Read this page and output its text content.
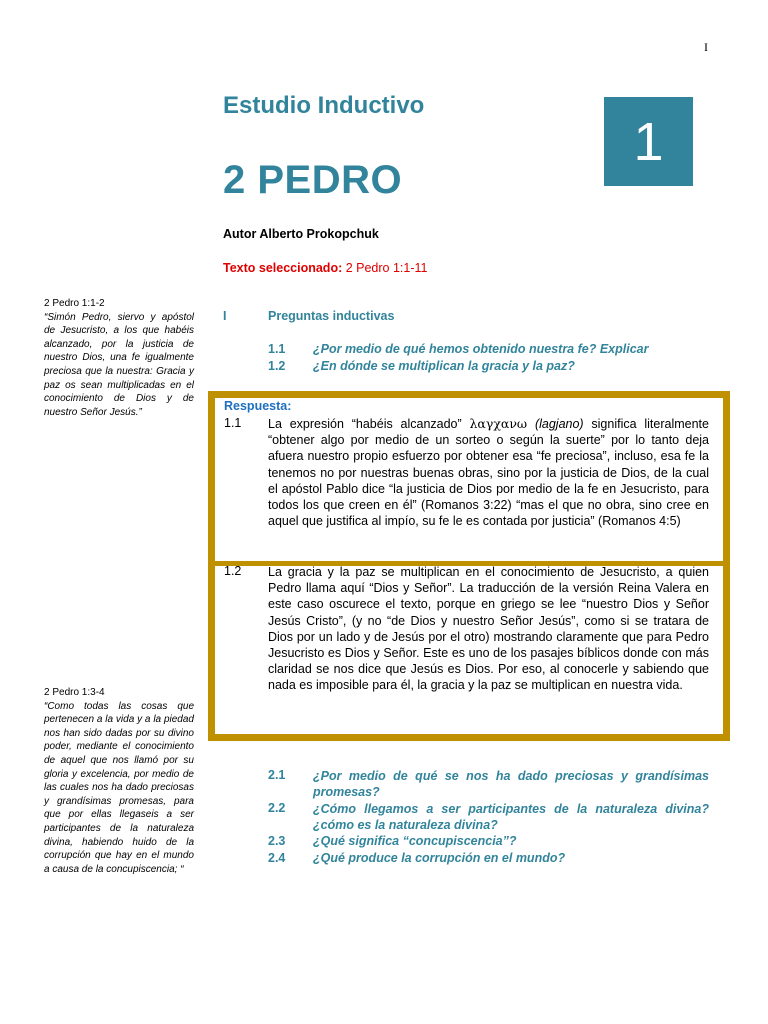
I
Estudio Inductivo
2 PEDRO
1
Autor Alberto Prokopchuk
Texto seleccionado: 2 Pedro 1:1-11
2 Pedro 1:1-2
“Simón Pedro, siervo y apóstol de Jesucristo, a los que habéis alcanzado, por la justicia de nuestro Dios, una fe igualmente preciosa que la nuestra: Gracia y paz os sean multiplicadas en el conocimiento de Dios y de nuestro Señor Jesús.”
2 Pedro 1:3-4
“Como todas las cosas que pertenecen a la vida y a la piedad nos han sido dadas por su divino poder, mediante el conocimiento de aquel que nos llamó por su gloria y excelencia, por medio de las cuales nos ha dado preciosas y grandísimas promesas, para que por ellas llegaseis a ser participantes de la naturaleza divina, habiendo huido de la corrupción que hay en el mundo a causa de la concupiscencia; “
I	Preguntas inductivas
1.1 ¿Por medio de qué hemos obtenido nuestra fe? Explicar
1.2 ¿En dónde se multiplican la gracia y la paz?
Respuesta:
1.1 La expresión “habéis alcanzado” λαγχανω (lagjano) significa literalmente “obtener algo por medio de un sorteo o según la suerte” por lo tanto deja afuera nuestro propio esfuerzo por obtener esa “fe preciosa”, incluso, esa fe la tenemos no por nuestras buenas obras, sino por la justicia de Dios, de la cual el apóstol Pablo dice “la justicia de Dios por medio de la fe en Jesucristo, para todos los que creen en él” (Romanos 3:22) “mas el que no obra, sino cree en aquel que justifica al impío, su fe le es contada por justicia” (Romanos 4:5)
1.2 La gracia y la paz se multiplican en el conocimiento de Jesucristo, a quien Pedro llama aquí “Dios y Señor”. La traducción de la versión Reina Valera en este caso oscurece el texto, porque en griego se lee “nuestro Dios y Señor Jesús Cristo”, (y no “de Dios y nuestro Señor Jesús”, como si se tratara de Dios por un lado y de Jesús por el otro) mostrando claramente que para Pedro Jesucristo es Dios y Señor. Este es uno de los pasajes bíblicos donde con más claridad se nos dice que Jesús es Dios. Por eso, al conocerle y sabiendo que nada es imposible para él, la gracia y la paz se multiplican en nuestra vida.
2.1 ¿Por medio de qué se nos ha dado preciosas y grandísimas promesas?
2.2 ¿Cómo llegamos a ser participantes de la naturaleza divina? ¿cómo es la naturaleza divina?
2.3 ¿Qué significa “concupiscencia”?
2.4 ¿Qué produce la corrupción en el mundo?
